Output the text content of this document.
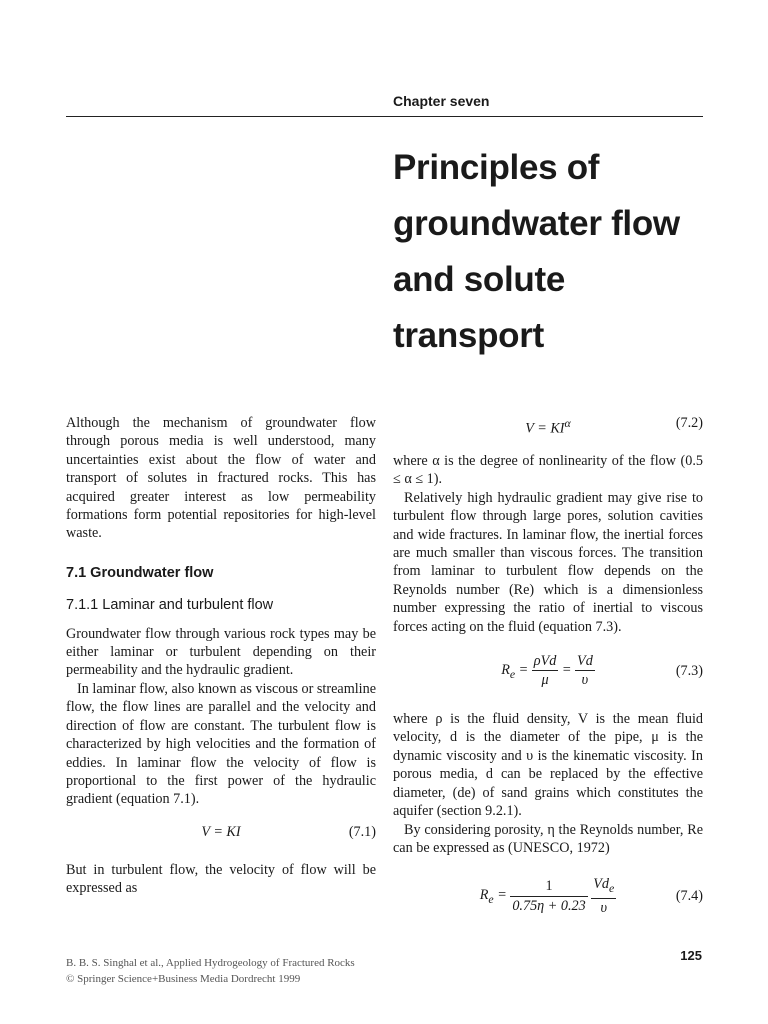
Chapter seven
Principles of groundwater flow and solute transport

Although the mechanism of groundwater flow through porous media is well understood, many uncertainties exist about the flow of water and transport of solutes in fractured rocks. This has acquired greater interest as low permeability formations form potential repositories for high-level waste.

7.1 Groundwater flow
7.1.1 Laminar and turbulent flow

Groundwater flow through various rock types may be either laminar or turbulent depending on their permeability and the hydraulic gradient.

In laminar flow, also known as viscous or streamline flow, the flow lines are parallel and the velocity and direction of flow are constant. The turbulent flow is characterized by high velocities and the formation of eddies. In laminar flow the velocity of flow is proportional to the first power of the hydraulic gradient (equation 7.1).

V = KI	(7.1)

But in turbulent flow, the velocity of flow will be expressed as

$V = KI^\alpha$	(7.2)

where α is the degree of nonlinearity of the flow (0.5 ≤ α ≤ 1).

Relatively high hydraulic gradient may give rise to turbulent flow through large pores, solution cavities and wide fractures. In laminar flow, the inertial forces are much smaller than viscous forces. The transition from laminar to turbulent flow depends on the Reynolds number (Re) which is a dimensionless number expressing the ratio of inertial to viscous forces acting on the fluid (equation 7.3).

$R_e = \frac{\text{ρVd}}{\mu} = \frac{Vd}{\upsilon}$	(7.3)

where ρ is the fluid density, V is the mean fluid velocity, d is the diameter of the pipe, μ is the dynamic viscosity and υ is the kinematic viscosity. In porous media, d can be replaced by the effective diameter, (de) of sand grains which constitutes the aquifer (section 9.2.1).

By considering porosity, η the Reynolds number, Re can be expressed as (UNESCO, 1972)

$R_e = \frac{1}{0.75\eta + 0.23}$
$\frac{Vd_e}{\upsilon}$	(7.4)
B. B. S. Singhal et al., Applied Hydrogeology of Fractured Rocks
© Springer Science+Business Media Dordrecht 1999
125
